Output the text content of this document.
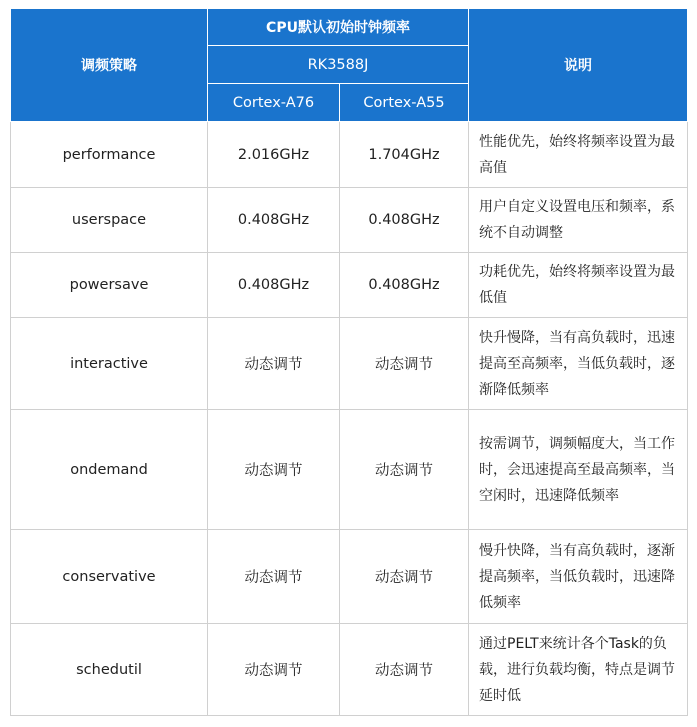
调频策略	CPU默认初始时钟频率		说明
	RK3588J		
	Cortex-A76	Cortex-A55	
performance	2.016GHz	1.704GHz	性能优先，始终将频率设置为最高值
userspace	0.408GHz	0.408GHz	用户自定义设置电压和频率，系统不自动调整
powersave	0.408GHz	0.408GHz	功耗优先，始终将频率设置为最低值
interactive	动态调节	动态调节	快升慢降，当有高负载时，迅速提高至高频率，当低负载时，逐渐降低频率
ondemand	动态调节	动态调节	按需调节，调频幅度大，当工作时，会迅速提高至最高频率，当空闲时，迅速降低频率
conservative	动态调节	动态调节	慢升快降，当有高负载时，逐渐提高频率，当低负载时，迅速降低频率
schedutil	动态调节	动态调节	通过PELT来统计各个Task的负载，进行负载均衡，特点是调节延时低
